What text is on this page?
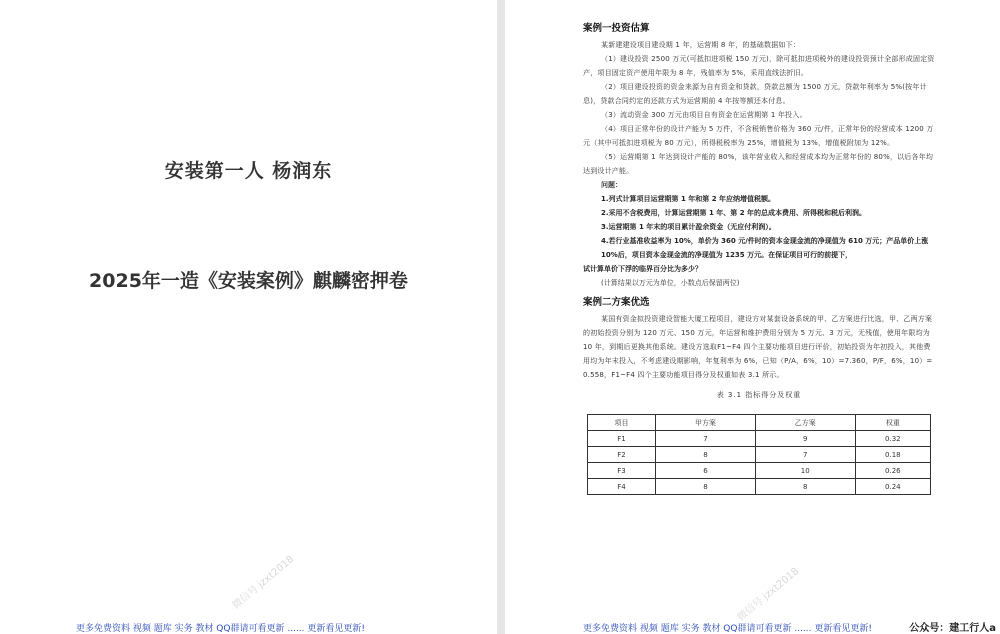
安装第一人 杨润东
2025年一造《安装案例》麒麟密押卷
微信号 jzxt2018
更多免费资料 视频 题库 实务 教材 QQ群请可看更新 ...... 更新看见更新!
案例一投资估算
某新建建设项目建设期 1 年，运营期 8 年，的基础数据如下：
（1）建设投资 2500 万元(可抵扣进项税 150 万元)，除可抵扣进项税外的建设投资预计全部形成固定资产，项目固定资产使用年限为 8 年，残值率为 5%，采用直线法折旧。
（2）项目建设投资的资金来源为自有资金和贷款，贷款总额为 1500 万元，贷款年利率为 5%(按年计息)，贷款合同约定的还款方式为运营期前 4 年按等额还本付息。
（3）流动资金 300 万元由项目自有资金在运营期第 1 年投入。
（4）项目正常年份的设计产能为 5 万件，不含税销售价格为 360 元/件，正常年份的经营成本 1200 万元（其中可抵扣进项税为 80 万元），所得税税率为 25%，增值税为 13%，增值税附加为 12%。
（5）运营期第 1 年达到设计产能的 80%，该年营业收入和经营成本均为正常年份的 80%，以后各年均达到设计产能。
问题：
1.列式计算项目运营期第 1 年和第 2 年应纳增值税额。
2.采用不含税费用，计算运营期第 1 年、第 2 年的总成本费用、所得税和税后利润。
3.运营期第 1 年末的项目累计盈余资金（无应付利润）。
4.若行业基准收益率为 10%，单价为 360 元/件时的资本金现金流的净现值为 610 万元；产品单价上涨 10%后，项目资本金现金流的净现值为 1235 万元。在保证项目可行的前提下，
试计算单价下浮的临界百分比为多少？
(计算结果以万元为单位，小数点后保留两位)
案例二方案优选
某国有资金拟投资建设智能大厦工程项目，建设方对某套设备系统的甲、乙方案进行比选，甲、乙两方案的初始投资分别为 120 万元、150 万元，年运营和维护费用分别为 5 万元、3 万元，无残值，使用年限均为 10 年，到期后更换其他系统。建设方选取F1~F4 四个主要功能项目进行评价，初始投资为年初投入，其他费用均为年末投入，不考虑建设期影响，年复利率为 6%，已知（P/A，6%，10）=7.360，P/F，6%，10）=0.558，F1~F4 四个主要功能项目得分及权重如表 3.1 所示。
表 3.1 指标得分及权重
项目	甲方案	乙方案	权重
F1	7	9	0.32
F2	8	7	0.18
F3	6	10	0.26
F4	8	8	0.24
微信号 jzxt2018
更多免费资料 视频 题库 实务 教材 QQ群请可看更新 ...... 更新看见更新!	公众号：建工行人a
